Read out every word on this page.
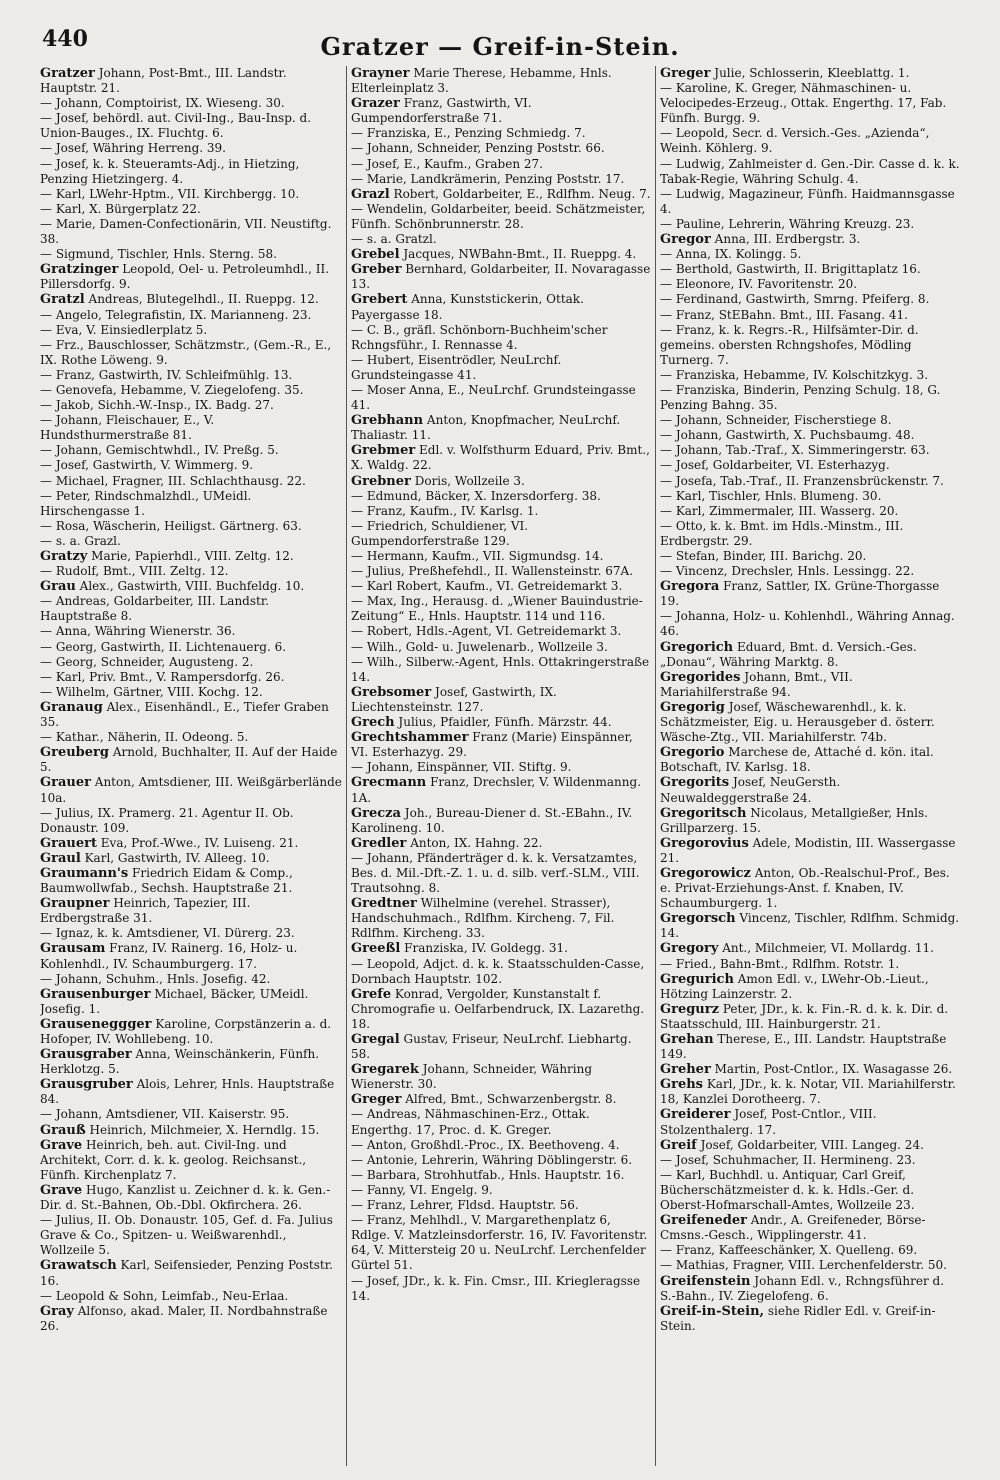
440	Gratzer — Greif-in-Stein.
Gratzer Johann, Post-Bmt., III. Landstr. Hauptstr. 21.
— Johann, Comptoirist, IX. Wieseng. 30.
— Josef, behördl. aut. Civil-Ing., Bau-Insp. d. Union-Bauges., IX. Fluchtg. 6.
— Josef, Währing Herreng. 39.
— Josef, k. k. Steueramts-Adj., in Hietzing, Penzing Hietzingerg. 4.
— Karl, LWehr-Hptm., VII. Kirchbergg. 10.
— Karl, X. Bürgerplatz 22.
— Marie, Damen-Confectionärin, VII. Neustiftg. 38.
— Sigmund, Tischler, Hnls. Sterng. 58.
Gratzinger Leopold, Oel- u. Petroleumhdl., II. Pillersdorfg. 9.
Gratzl Andreas, Blutegelhdl., II. Rueppg. 12.
— Angelo, Telegrafistin, IX. Marianneng. 23.
— Eva, V. Einsiedlerplatz 5.
— Frz., Bauschlosser, Schätzmstr., (Gem.-R., E., IX. Rothe Löweng. 9.
— Franz, Gastwirth, IV. Schleifmühlg. 13.
— Genovefa, Hebamme, V. Ziegelofeng. 35.
— Jakob, Sichh.-W.-Insp., IX. Badg. 27.
— Johann, Fleischauer, E., V. Hundsthurmerstraße 81.
— Johann, Gemischtwhdl., IV. Preßg. 5.
— Josef, Gastwirth, V. Wimmerg. 9.
— Michael, Fragner, III. Schlachthausg. 22.
— Peter, Rindschmalzhdl., UMeidl. Hirschengasse 1.
— Rosa, Wäscherin, Heiligst. Gärtnerg. 63.
— s. a. Grazl.
Gratzy Marie, Papierhdl., VIII. Zeltg. 12.
— Rudolf, Bmt., VIII. Zeltg. 12.
Grau Alex., Gastwirth, VIII. Buchfeldg. 10.
— Andreas, Goldarbeiter, III. Landstr. Hauptstraße 8.
— Anna, Währing Wienerstr. 36.
— Georg, Gastwirth, II. Lichtenauerg. 6.
— Georg, Schneider, Augusteng. 2.
— Karl, Priv. Bmt., V. Rampersdorfg. 26.
— Wilhelm, Gärtner, VIII. Kochg. 12.
Granaug Alex., Eisenhändl., E., Tiefer Graben 35.
— Kathar., Näherin, II. Odeong. 5.
Greuberg Arnold, Buchhalter, II. Auf der Haide 5.
Grauer Anton, Amtsdiener, III. Weißgärberlände 10a.
— Julius, IX. Pramerg. 21. Agentur II. Ob. Donaustr. 109.
Grauert Eva, Prof.-Wwe., IV. Luiseng. 21.
Graul Karl, Gastwirth, IV. Alleeg. 10.
Graumann's Friedrich Eidam & Comp., Baumwollwfab., Sechsh. Hauptstraße 21.
Graupner Heinrich, Tapezier, III. Erdbergstraße 31.
— Ignaz, k. k. Amtsdiener, VI. Dürerg. 23.
Grausam Franz, IV. Rainerg. 16, Holz- u. Kohlenhdl., IV. Schaumburgerg. 17.
— Johann, Schuhm., Hnls. Josefig. 42.
Grausenburger Michael, Bäcker, UMeidl. Josefig. 1.
Grauseneggger Karoline, Corpstänzerin a. d. Hofoper, IV. Wohllebeng. 10.
Grausgraber Anna, Weinschänkerin, Fünfh. Herklotzg. 5.
Grausgruber Alois, Lehrer, Hnls. Hauptstraße 84.
— Johann, Amtsdiener, VII. Kaiserstr. 95.
Grauß Heinrich, Milchmeier, X. Herndlg. 15.
Grave Heinrich, beh. aut. Civil-Ing. und Architekt, Corr. d. k. k. geolog. Reichsanst., Fünfh. Kirchenplatz 7.
Grave Hugo, Kanzlist u. Zeichner d. k. k. Gen.-Dir. d. St.-Bahnen, Ob.-Dbl. Okfirchera. 26.
— Julius, II. Ob. Donaustr. 105, Gef. d. Fa. Julius Grave & Co., Spitzen- u. Weißwarenhdl., Wollzeile 5.
Grawatsch Karl, Seifensieder, Penzing Poststr. 16.
— Leopold & Sohn, Leimfab., Neu-Erlaa.
Gray Alfonso, akad. Maler, II. Nordbahnstraße 26.
Grayner Marie Therese, Hebamme, Hnls. Elterleinplatz 3.
Grazer Franz, Gastwirth, VI. Gumpendorferstraße 71.
— Franziska, E., Penzing Schmiedg. 7.
— Johann, Schneider, Penzing Poststr. 66.
— Josef, E., Kaufm., Graben 27.
— Marie, Landkrämerin, Penzing Poststr. 17.
Grazl Robert, Goldarbeiter, E., Rdlfhm. Neug. 7.
— Wendelin, Goldarbeiter, beeid. Schätzmeister, Fünfh. Schönbrunnerstr. 28.
— s. a. Gratzl.
Grebel Jacques, NWBahn-Bmt., II. Rueppg. 4.
Greber Bernhard, Goldarbeiter, II. Novaragasse 13.
Grebert Anna, Kunststickerin, Ottak. Payergasse 18.
— C. B., gräfl. Schönborn-Buchheim'scher Rchngsführ., I. Rennasse 4.
— Hubert, Eisentrödler, NeuLrchf. Grundsteingasse 41.
— Moser Anna, E., NeuLrchf. Grundsteingasse 41.
Grebhann Anton, Knopfmacher, NeuLrchf. Thaliastr. 11.
Grebmer Edl. v. Wolfsthurm Eduard, Priv. Bmt., X. Waldg. 22.
Grebner Doris, Wollzeile 3.
— Edmund, Bäcker, X. Inzersdorferg. 38.
— Franz, Kaufm., IV. Karlsg. 1.
— Friedrich, Schuldiener, VI. Gumpendorferstraße 129.
— Hermann, Kaufm., VII. Sigmundsg. 14.
— Julius, Preßhefehdl., II. Wallensteinstr. 67A.
— Karl Robert, Kaufm., VI. Getreidemarkt 3.
— Max, Ing., Herausg. d. „Wiener Bauindustrie-Zeitung“ E., Hnls. Hauptstr. 114 und 116.
— Robert, Hdls.-Agent, VI. Getreidemarkt 3.
— Wilh., Gold- u. Juwelenarb., Wollzeile 3.
— Wilh., Silberw.-Agent, Hnls. Ottakringerstraße 14.
Grebsomer Josef, Gastwirth, IX. Liechtensteinstr. 127.
Grech Julius, Pfaidler, Fünfh. Märzstr. 44.
Grechtshammer Franz (Marie) Einspänner, VI. Esterhazyg. 29.
— Johann, Einspänner, VII. Stiftg. 9.
Grecmann Franz, Drechsler, V. Wildenmanng. 1A.
Grecza Joh., Bureau-Diener d. St.-EBahn., IV. Karolineng. 10.
Gredler Anton, IX. Hahng. 22.
— Johann, Pfänderträger d. k. k. Versatzamtes, Bes. d. Mil.-Dft.-Z. 1. u. d. silb. verf.-SLM., VIII. Trautsohng. 8.
Gredtner Wilhelmine (verehel. Strasser), Handschuhmach., Rdlfhm. Kircheng. 7, Fil. Rdlfhm. Kircheng. 33.
Greeßl Franziska, IV. Goldegg. 31.
— Leopold, Adjct. d. k. k. Staatsschulden-Casse, Dornbach Hauptstr. 102.
Grefe Konrad, Vergolder, Kunstanstalt f. Chromografie u. Oelfarbendruck, IX. Lazarethg. 18.
Gregal Gustav, Friseur, NeuLrchf. Liebhartg. 58.
Gregarek Johann, Schneider, Währing Wienerstr. 30.
Greger Alfred, Bmt., Schwarzenbergstr. 8.
— Andreas, Nähmaschinen-Erz., Ottak. Engerthg. 17, Proc. d. K. Greger.
— Anton, Großhdl.-Proc., IX. Beethoveng. 4.
— Antonie, Lehrerin, Währing Döblingerstr. 6.
— Barbara, Strohhutfab., Hnls. Hauptstr. 16.
— Fanny, VI. Engelg. 9.
— Franz, Lehrer, Fldsd. Hauptstr. 56.
— Franz, Mehlhdl., V. Margarethenplatz 6, Rdlge. V. Matzleinsdorferstr. 16, IV. Favoritenstr. 64, V. Mittersteig 20 u. NeuLrchf. Lerchenfelder Gürtel 51.
— Josef, JDr., k. k. Fin. Cmsr., III. Kriegleragsse 14.
Greger Julie, Schlosserin, Kleeblattg. 1.
— Karoline, K. Greger, Nähmaschinen- u. Velocipedes-Erzeug., Ottak. Engerthg. 17, Fab. Fünfh. Burgg. 9.
— Leopold, Secr. d. Versich.-Ges. „Azienda“, Weinh. Köhlerg. 9.
— Ludwig, Zahlmeister d. Gen.-Dir. Casse d. k. k. Tabak-Regie, Währing Schulg. 4.
— Ludwig, Magazineur, Fünfh. Haidmannsgasse 4.
— Pauline, Lehrerin, Währing Kreuzg. 23.
Gregor Anna, III. Erdbergstr. 3.
— Anna, IX. Kolingg. 5.
— Berthold, Gastwirth, II. Brigittaplatz 16.
— Eleonore, IV. Favoritenstr. 20.
— Ferdinand, Gastwirth, Smrng. Pfeiferg. 8.
— Franz, StEBahn. Bmt., III. Fasang. 41.
— Franz, k. k. Regrs.-R., Hilfsämter-Dir. d. gemeins. obersten Rchngshofes, Mödling Turnerg. 7.
— Franziska, Hebamme, IV. Kolschitzkyg. 3.
— Franziska, Binderin, Penzing Schulg. 18, G. Penzing Bahng. 35.
— Johann, Schneider, Fischerstiege 8.
— Johann, Gastwirth, X. Puchsbaumg. 48.
— Johann, Tab.-Traf., X. Simmeringerstr. 63.
— Josef, Goldarbeiter, VI. Esterhazyg.
— Josefa, Tab.-Traf., II. Franzensbrückenstr. 7.
— Karl, Tischler, Hnls. Blumeng. 30.
— Karl, Zimmermaler, III. Wasserg. 20.
— Otto, k. k. Bmt. im Hdls.-Minstm., III. Erdbergstr. 29.
— Stefan, Binder, III. Barichg. 20.
— Vincenz, Drechsler, Hnls. Lessingg. 22.
Gregora Franz, Sattler, IX. Grüne-Thorgasse 19.
— Johanna, Holz- u. Kohlenhdl., Währing Annag. 46.
Gregorich Eduard, Bmt. d. Versich.-Ges. „Donau“, Währing Marktg. 8.
Gregorides Johann, Bmt., VII. Mariahilferstraße 94.
Gregorig Josef, Wäschewarenhdl., k. k. Schätzmeister, Eig. u. Herausgeber d. österr. Wäsche-Ztg., VII. Mariahilferstr. 74b.
Gregorio Marchese de, Attaché d. kön. ital. Botschaft, IV. Karlsg. 18.
Gregorits Josef, NeuGersth. Neuwaldeggerstraße 24.
Gregoritsch Nicolaus, Metallgießer, Hnls. Grillparzerg. 15.
Gregorovius Adele, Modistin, III. Wassergasse 21.
Gregorowicz Anton, Ob.-Realschul-Prof., Bes. e. Privat-Erziehungs-Anst. f. Knaben, IV. Schaumburgerg. 1.
Gregorsch Vincenz, Tischler, Rdlfhm. Schmidg. 14.
Gregory Ant., Milchmeier, VI. Mollardg. 11.
— Fried., Bahn-Bmt., Rdlfhm. Rotstr. 1.
Gregurich Amon Edl. v., LWehr-Ob.-Lieut., Hötzing Lainzerstr. 2.
Gregurz Peter, JDr., k. k. Fin.-R. d. k. k. Dir. d. Staatsschuld, III. Hainburgerstr. 21.
Grehan Therese, E., III. Landstr. Hauptstraße 149.
Greher Martin, Post-Cntlor., IX. Wasagasse 26.
Grehs Karl, JDr., k. k. Notar, VII. Mariahilferstr. 18, Kanzlei Dorotheerg. 7.
Greiderer Josef, Post-Cntlor., VIII. Stolzenthalerg. 17.
Greif Josef, Goldarbeiter, VIII. Langeg. 24.
— Josef, Schuhmacher, II. Hermineng. 23.
— Karl, Buchhdl. u. Antiquar, Carl Greif, Bücherschätzmeister d. k. k. Hdls.-Ger. d. Oberst-Hofmarschall-Amtes, Wollzeile 23.
Greifeneder Andr., A. Greifeneder, Börse-Cmsns.-Gesch., Wipplingerstr. 41.
— Franz, Kaffeeschänker, X. Quelleng. 69.
— Mathias, Fragner, VIII. Lerchenfelderstr. 50.
Greifenstein Johann Edl. v., Rchngsführer d. S.-Bahn., IV. Ziegelofeng. 6.
Greif-in-Stein, siehe Ridler Edl. v. Greif-in-Stein.
